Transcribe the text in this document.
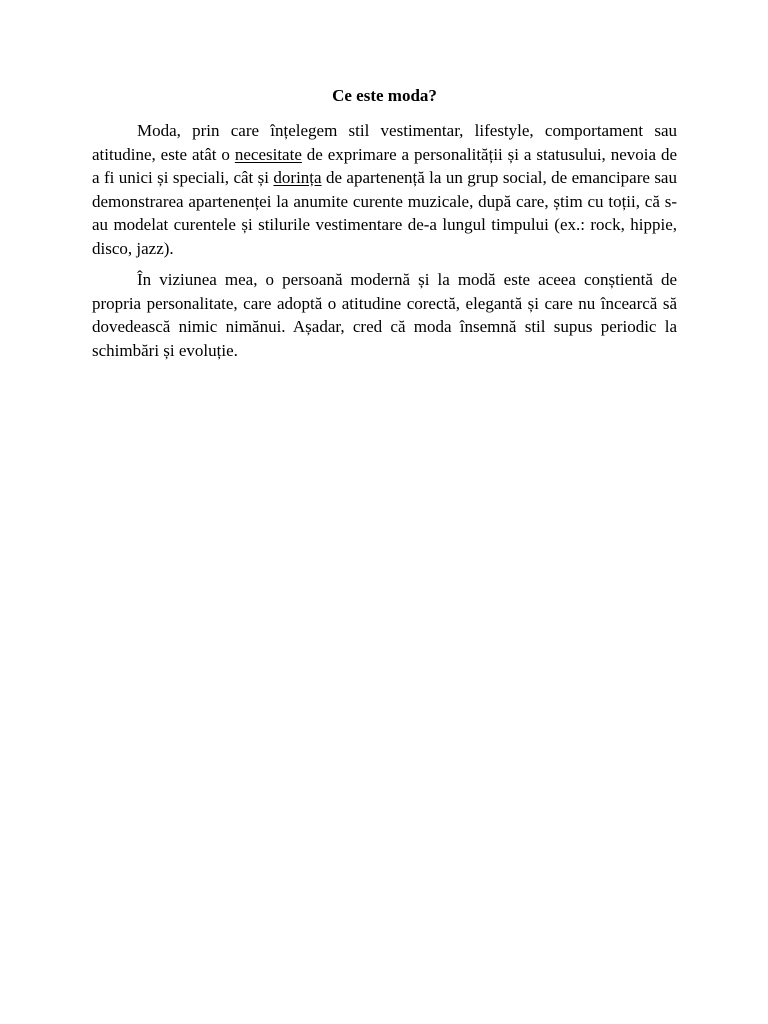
Ce este moda?

Moda, prin care înțelegem stil vestimentar, lifestyle, comportament sau atitudine, este atât o necesitate de exprimare a personalității și a statusului, nevoia de a fi unici și speciali, cât și dorința de apartenență la un grup social, de emancipare sau demonstrarea apartenenței la anumite curente muzicale, după care, știm cu toții, că s-au modelat curentele și stilurile vestimentare de-a lungul timpului (ex.: rock, hippie, disco, jazz).

În viziunea mea, o persoană modernă și la modă este aceea conștientă de propria personalitate, care adoptă o atitudine corectă, elegantă și care nu încearcă să dovedească nimic nimănui. Așadar, cred că moda însemnă stil supus periodic la schimbări și evoluție.
